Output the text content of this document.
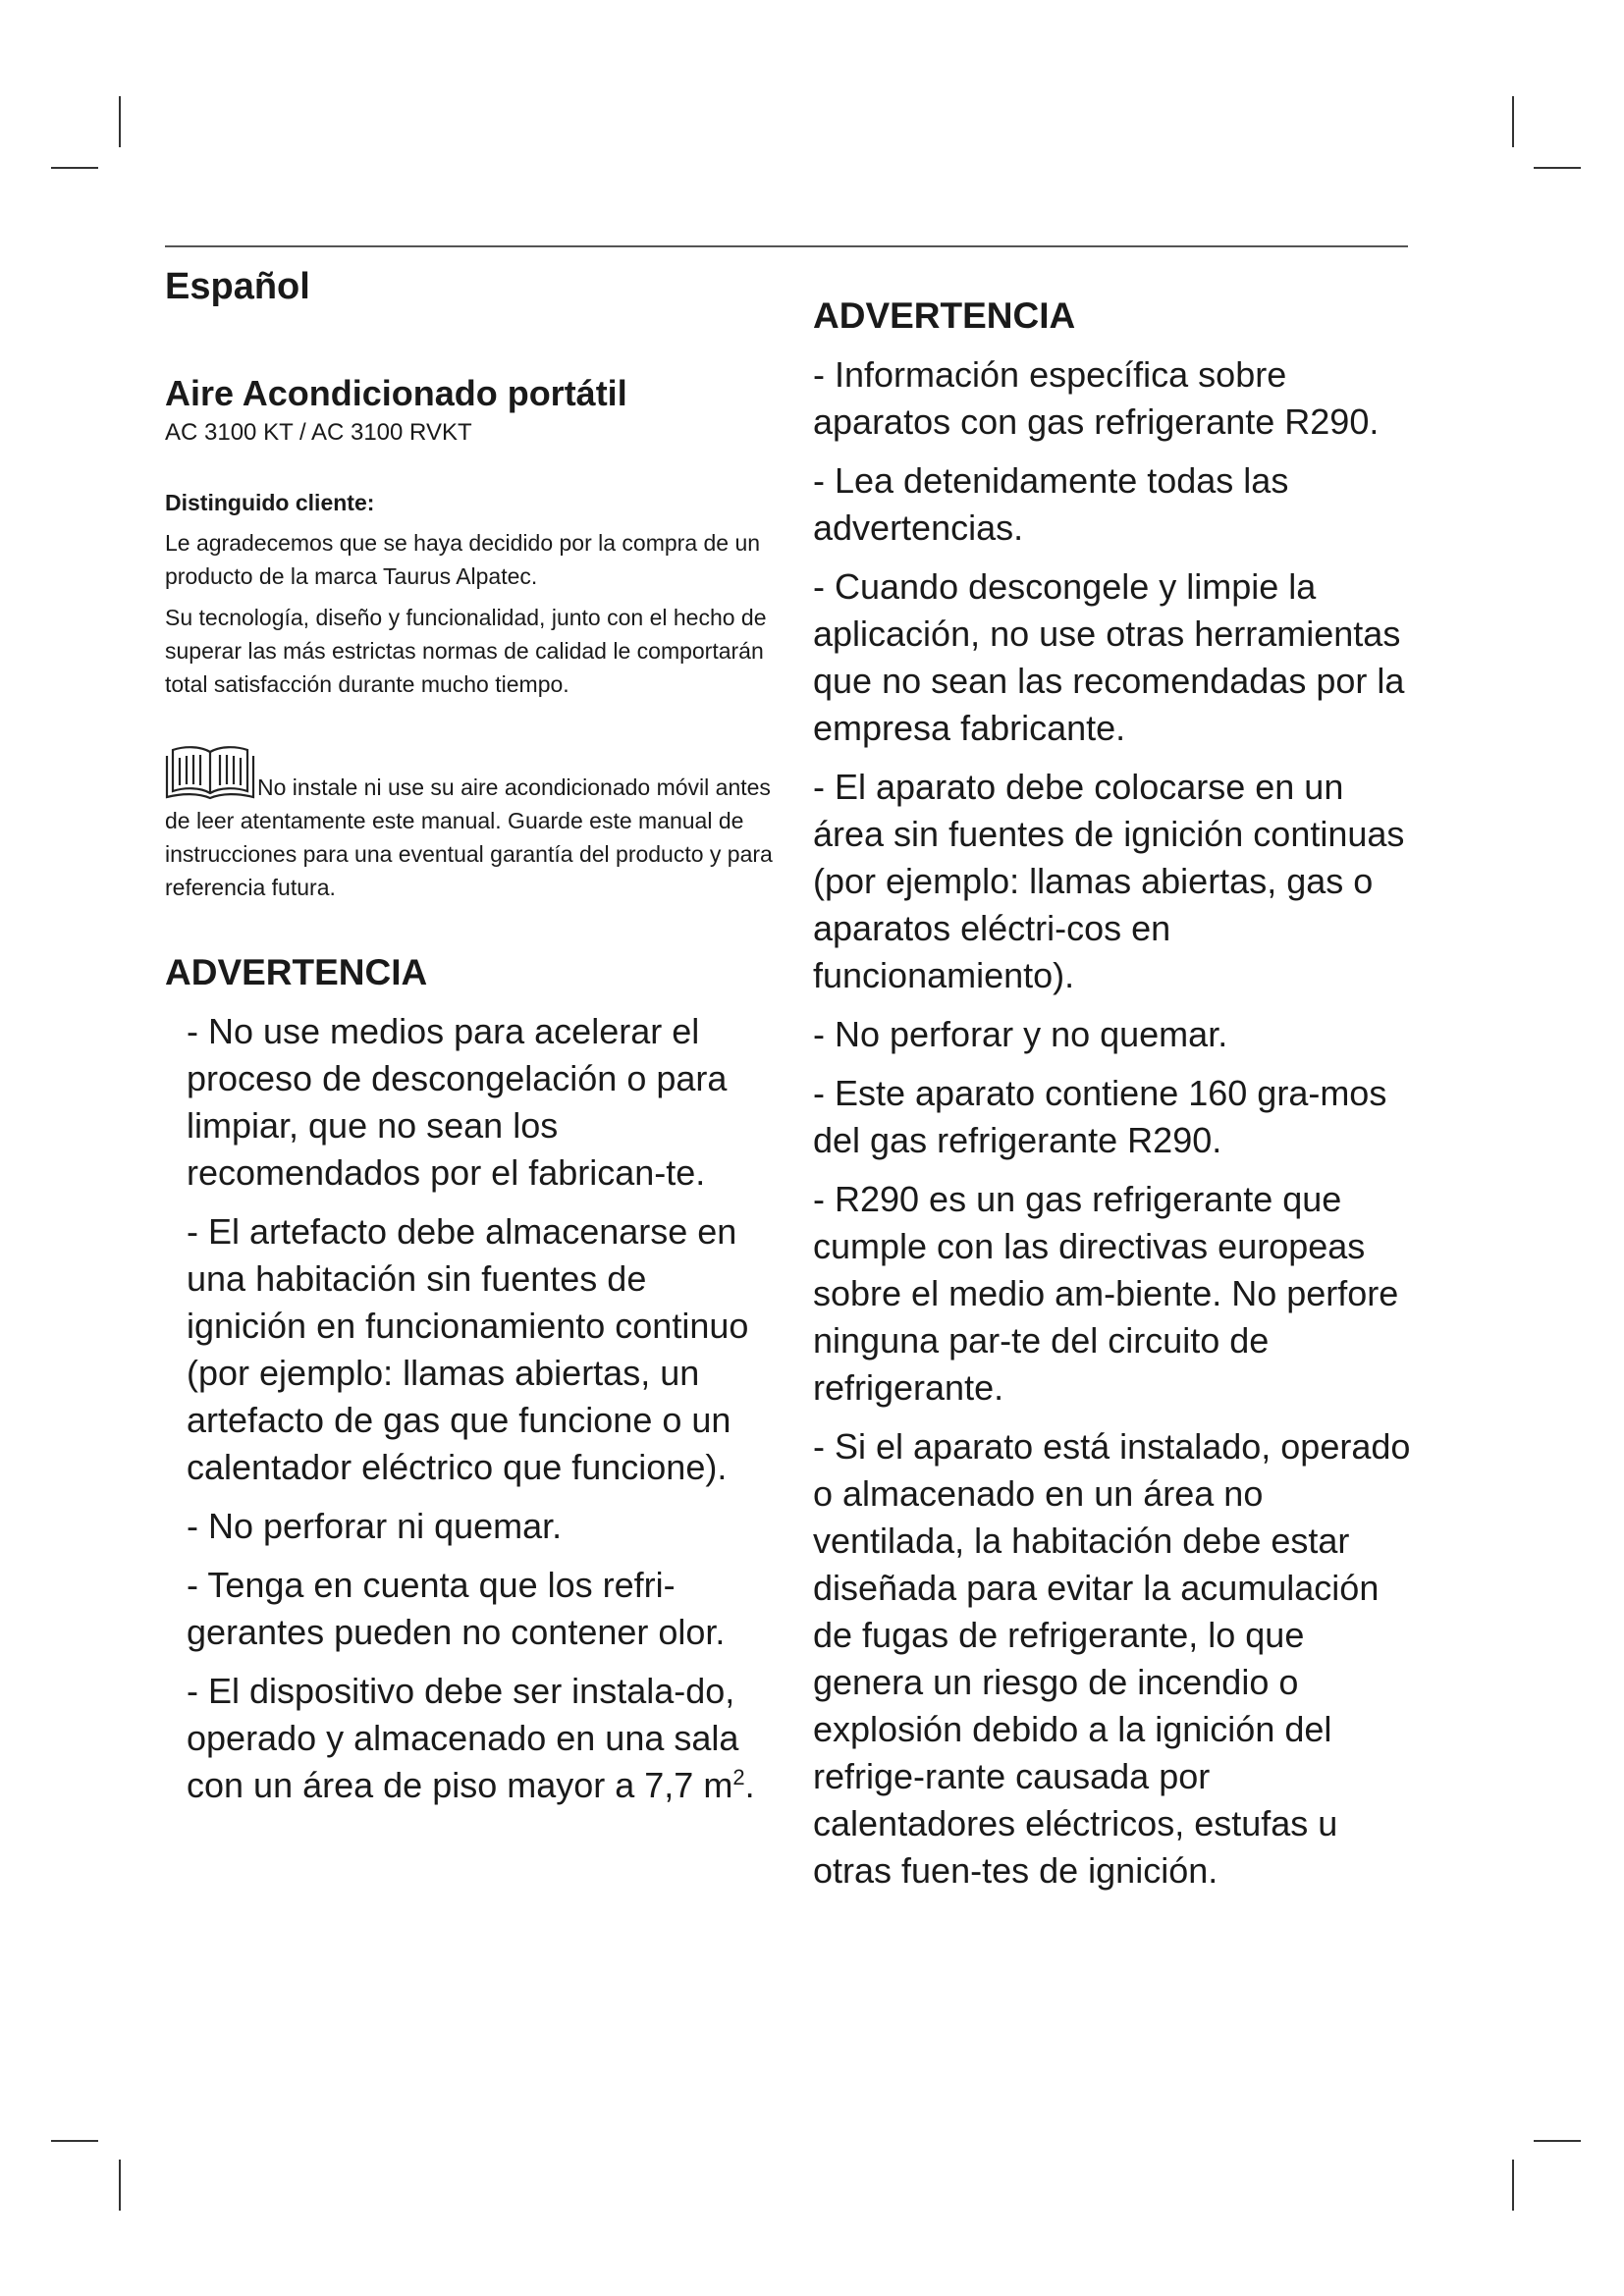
Español
Aire Acondicionado portátil
AC 3100 KT / AC 3100 RVKT
Distinguido cliente:

Le agradecemos que se haya decidido por la compra de un producto de la marca Taurus Alpatec.

Su tecnología, diseño y funcionalidad, junto con el hecho de superar las más estrictas normas de calidad le comportarán total satisfacción durante mucho tiempo.

No instale ni use su aire acondicionado móvil antes de leer atentamente este manual. Guarde este manual de instrucciones para una eventual garantía del producto y para referencia futura.
ADVERTENCIA

- No use medios para acelerar el proceso de descongelación o para limpiar, que no sean los recomendados por el fabrican-te.

- El artefacto debe almacenarse en una habitación sin fuentes de ignición en funcionamiento continuo (por ejemplo: llamas abiertas, un artefacto de gas que funcione o un calentador eléctrico que funcione).

- No perforar ni quemar.

- Tenga en cuenta que los refri-gerantes pueden no contener olor.

- El dispositivo debe ser instala-do, operado y almacenado en una sala con un área de piso mayor a 7,7 $m^2$.

ADVERTENCIA

- Información específica sobre aparatos con gas refrigerante R290.

- Lea detenidamente todas las advertencias.

- Cuando descongele y limpie la aplicación, no use otras herramientas que no sean las recomendadas por la empresa fabricante.

- El aparato debe colocarse en un área sin fuentes de ignición continuas (por ejemplo: llamas abiertas, gas o aparatos eléctri-cos en funcionamiento).

- No perforar y no quemar.

- Este aparato contiene 160 gra-mos del gas refrigerante R290.

- R290 es un gas refrigerante que cumple con las directivas europeas sobre el medio am-biente. No perfore ninguna par-te del circuito de refrigerante.

- Si el aparato está instalado, operado o almacenado en un área no ventilada, la habitación debe estar diseñada para evitar la acumulación de fugas de refrigerante, lo que genera un riesgo de incendio o explosión debido a la ignición del refrige-rante causada por calentadores eléctricos, estufas u otras fuen-tes de ignición.
